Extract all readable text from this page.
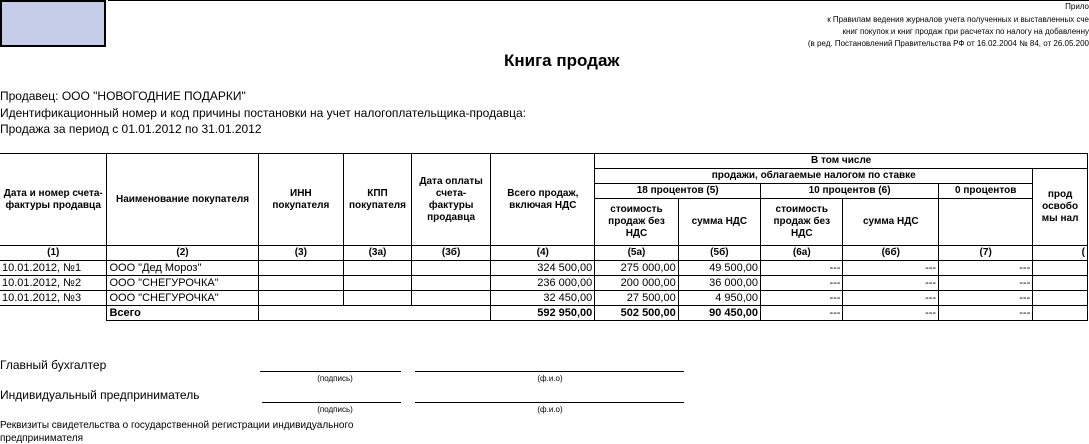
Прило
к Правилам ведения журналов учета полученных и выставленных сче
книг покупок и книг продаж при расчетах по налогу на добавленну
(в ред. Постановлений Правительства РФ от 16.02.2004 № 84, от 26.05.200
Книга продаж
Продавец: ООО "НОВОГОДНИЕ ПОДАРКИ"
Идентификационный номер и код причины постановки на учет налогоплательщика-продавца:
Продажа за период с 01.01.2012 по 31.01.2012
Дата и номер счета-фактуры продавца	Наименование покупателя	ИНН покупателя	КПП покупателя	Дата оплаты счета-фактуры продавца	Всего продаж, включая НДС	В том числе					
						продажи, облагаемые налогом по ставке					прод освобо мы нал
						18 процентов (5)		10 процентов (6)		0 процентов	
						стоимость продаж без НДС	сумма НДС	стоимость продаж без НДС	сумма НДС		
(1)	(2)	(3)	(3а)	(3б)	(4)	(5а)	(5б)	(6а)	(6б)	(7)	(
10.01.2012, №1	ООО "Дед Мороз"				324 500,00	275 000,00	49 500,00	---	---	---	
10.01.2012, №2	ООО "СНЕГУРОЧКА"				236 000,00	200 000,00	36 000,00	---	---	---	
10.01.2012, №3	ООО "СНЕГУРОЧКА"				32 450,00	27 500,00	4 950,00	---	---	---	
	Всего				592 950,00	502 500,00	90 450,00	---	---	---	
Главный бухгалтер
(подпись)	(ф.и.о)
Индивидуальный предприниматель
(подпись)	(ф.и.о)
Реквизиты свидетельства о государственной регистрации индивидуального
предпринимателя
